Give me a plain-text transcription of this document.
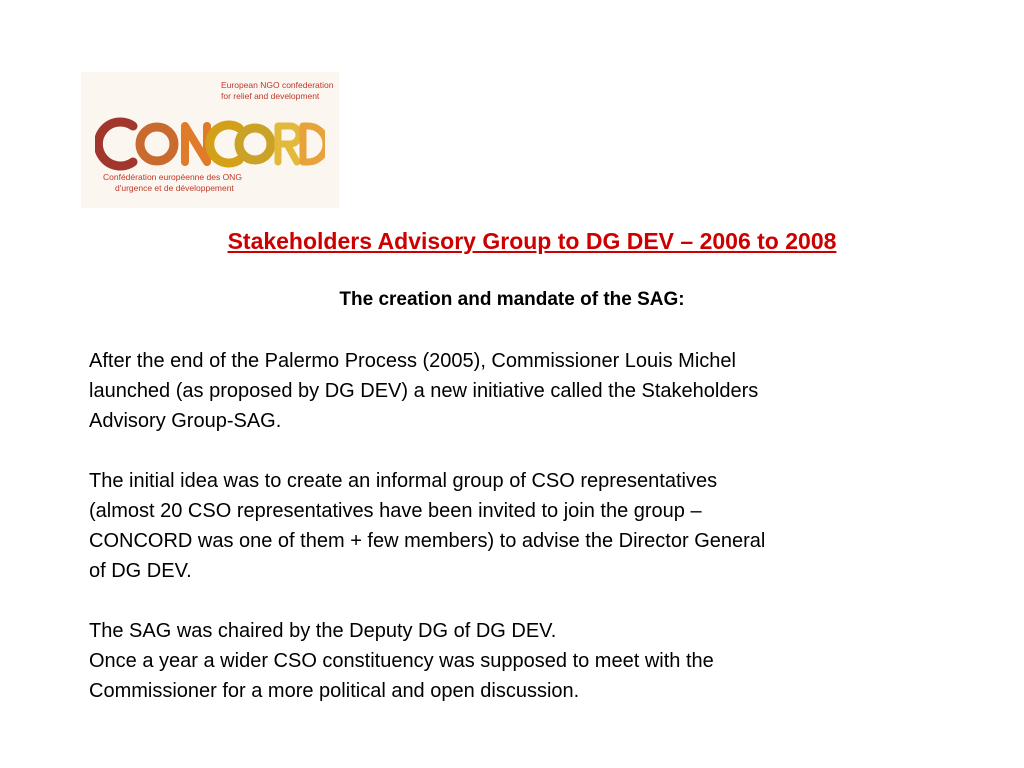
European NGO confederation
for relief and development
Confédération européenne des ONG
d'urgence et de développement
Stakeholders Advisory Group to DG DEV – 2006 to 2008
The creation and mandate of the SAG:

After the end of the Palermo Process (2005), Commissioner Louis Michel
launched (as proposed by DG DEV) a new initiative called the Stakeholders
Advisory Group-SAG.

The initial idea was to create an informal group of CSO representatives
(almost 20 CSO representatives have been invited to join the group –
CONCORD was one of them + few members) to advise the Director General
of DG DEV.

The SAG was chaired by the Deputy DG of DG DEV.
Once a year a wider CSO constituency was supposed to meet with the
Commissioner for a more political and open discussion.
